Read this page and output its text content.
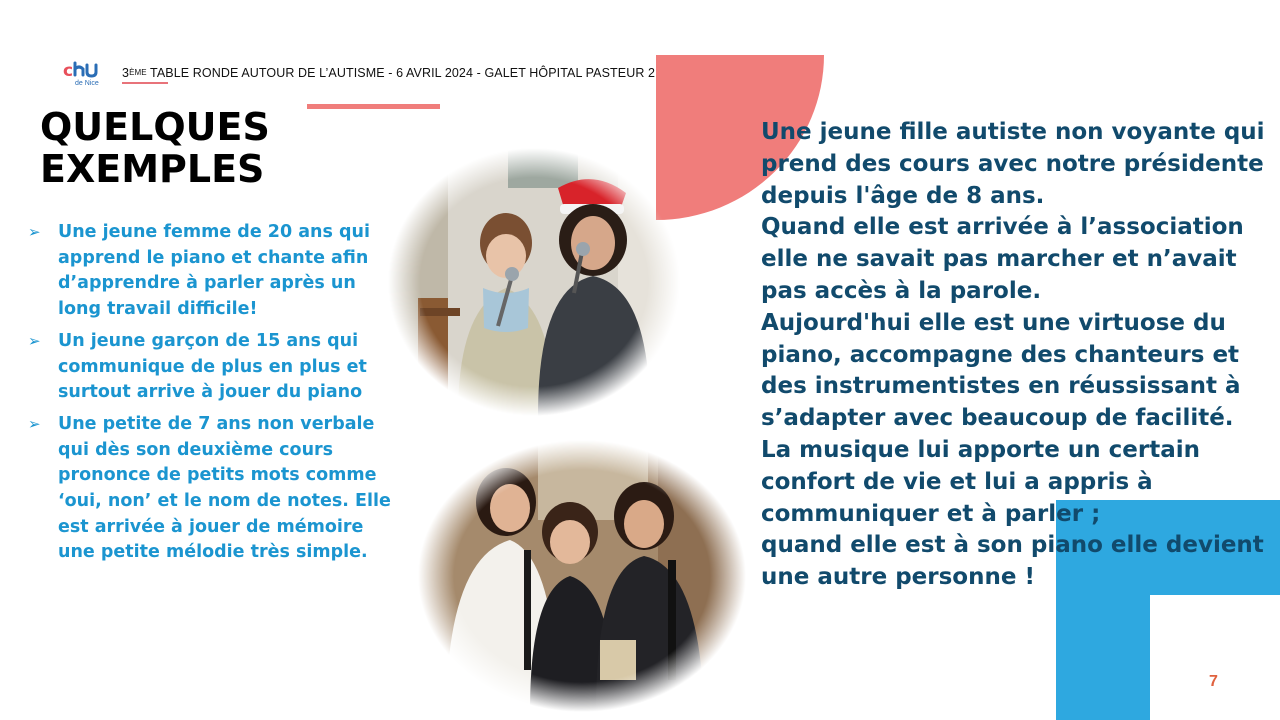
c
de Nice
3ÈME TABLE RONDE AUTOUR DE L’AUTISME - 6 AVRIL 2024 - GALET HÔPITAL PASTEUR 2
QUELQUES
EXEMPLES
➢ Une jeune femme de 20 ans qui apprend le piano et chante afin d’apprendre à parler après un long travail difficile!
➢ Un jeune garçon de 15 ans qui communique de plus en plus et surtout arrive à jouer du piano
➢ Une petite de 7 ans non verbale qui dès son deuxième cours prononce de petits mots comme ‘oui, non’ et le nom de notes. Elle est arrivée à jouer de mémoire une petite mélodie très simple.

Une jeune fille autiste non voyante qui prend des cours avec notre présidente depuis l'âge de 8 ans.

Quand elle est arrivée à l’association elle ne savait pas marcher et n’avait pas accès à la parole.

Aujourd'hui elle est une virtuose du piano, accompagne des chanteurs et des instrumentistes en réussissant à s’adapter avec beaucoup de facilité.

La musique lui apporte un certain confort de vie et lui a appris à communiquer et à parler ;

quand elle est à son piano elle devient une autre personne !

7
